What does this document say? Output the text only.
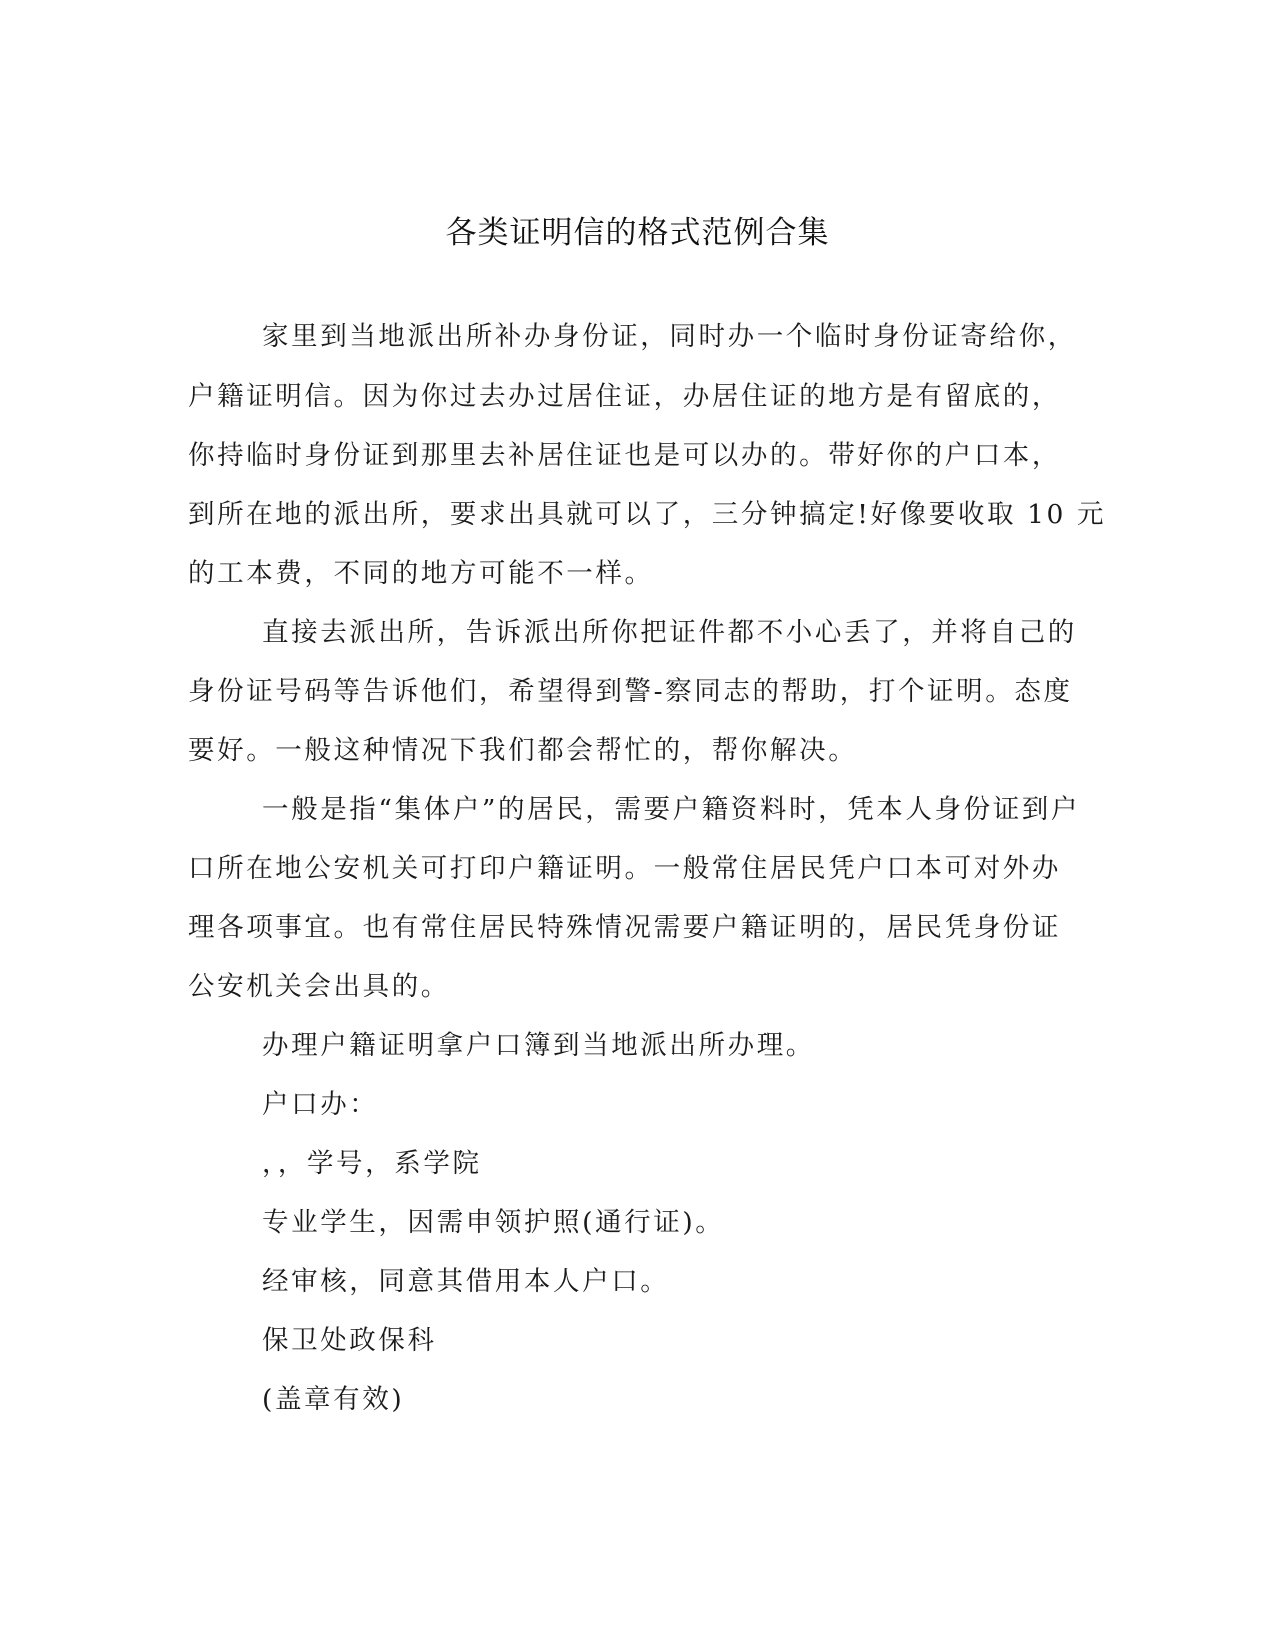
各类证明信的格式范例合集
家里到当地派出所补办身份证，同时办一个临时身份证寄给你，
户籍证明信。因为你过去办过居住证，办居住证的地方是有留底的，
你持临时身份证到那里去补居住证也是可以办的。带好你的户口本，
到所在地的派出所，要求出具就可以了，三分钟搞定!好像要收取 10 元
的工本费，不同的地方可能不一样。
直接去派出所，告诉派出所你把证件都不小心丢了，并将自己的
身份证号码等告诉他们，希望得到警-察同志的帮助，打个证明。态度
要好。一般这种情况下我们都会帮忙的，帮你解决。
一般是指“集体户”的居民，需要户籍资料时，凭本人身份证到户
口所在地公安机关可打印户籍证明。一般常住居民凭户口本可对外办
理各项事宜。也有常住居民特殊情况需要户籍证明的，居民凭身份证
公安机关会出具的。
办理户籍证明拿户口簿到当地派出所办理。
户口办：
，，学号，系学院
专业学生，因需申领护照(通行证)。
经审核，同意其借用本人户口。
保卫处政保科
(盖章有效)
